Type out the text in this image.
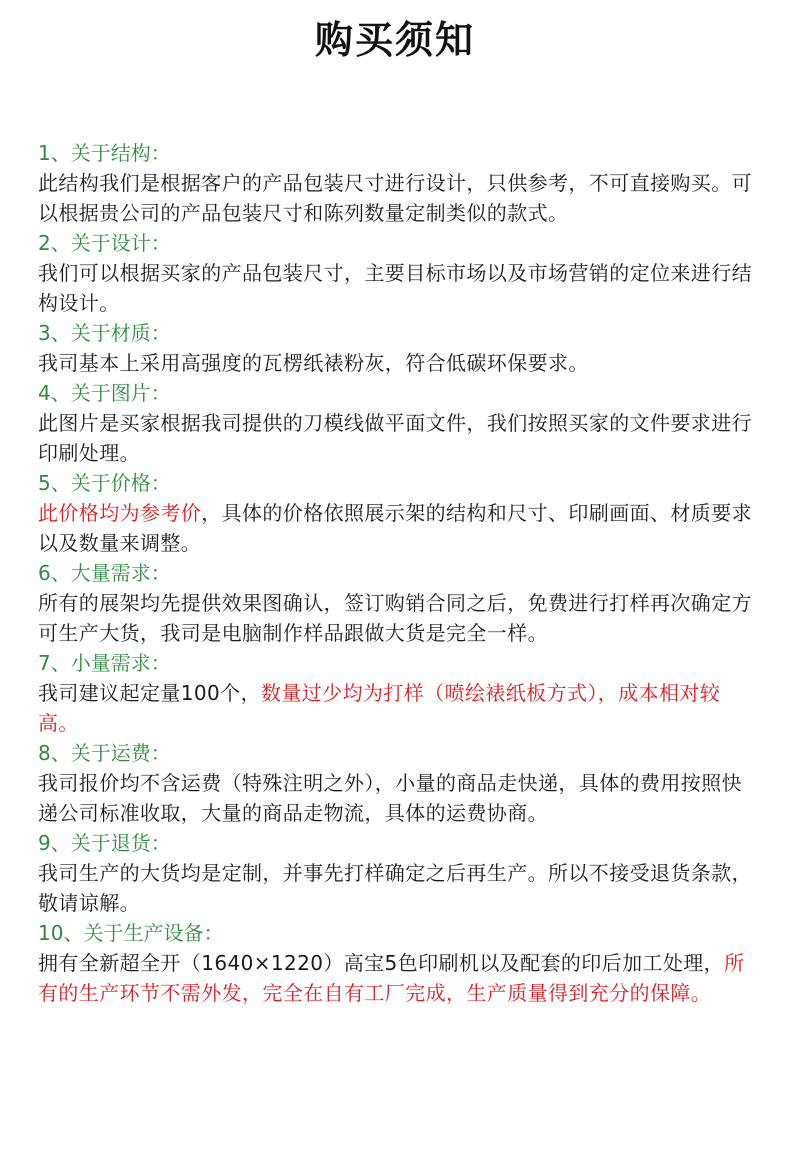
购买须知
1、关于结构：
此结构我们是根据客户的产品包装尺寸进行设计，只供参考，不可直接购买。可以根据贵公司的产品包装尺寸和陈列数量定制类似的款式。
2、关于设计：
我们可以根据买家的产品包装尺寸，主要目标市场以及市场营销的定位来进行结构设计。
3、关于材质：
我司基本上采用高强度的瓦楞纸裱粉灰，符合低碳环保要求。
4、关于图片：
此图片是买家根据我司提供的刀模线做平面文件，我们按照买家的文件要求进行印刷处理。
5、关于价格：
此价格均为参考价，具体的价格依照展示架的结构和尺寸、印刷画面、材质要求以及数量来调整。
6、大量需求：
所有的展架均先提供效果图确认，签订购销合同之后，免费进行打样再次确定方可生产大货，我司是电脑制作样品跟做大货是完全一样。
7、小量需求：
我司建议起定量100个，数量过少均为打样（喷绘裱纸板方式），成本相对较高。
8、关于运费：
我司报价均不含运费（特殊注明之外），小量的商品走快递，具体的费用按照快递公司标准收取，大量的商品走物流，具体的运费协商。
9、关于退货：
我司生产的大货均是定制，并事先打样确定之后再生产。所以不接受退货条款，敬请谅解。
10、关于生产设备：
拥有全新超全开（1640×1220）高宝5色印刷机以及配套的印后加工处理，所有的生产环节不需外发，完全在自有工厂完成，生产质量得到充分的保障。
